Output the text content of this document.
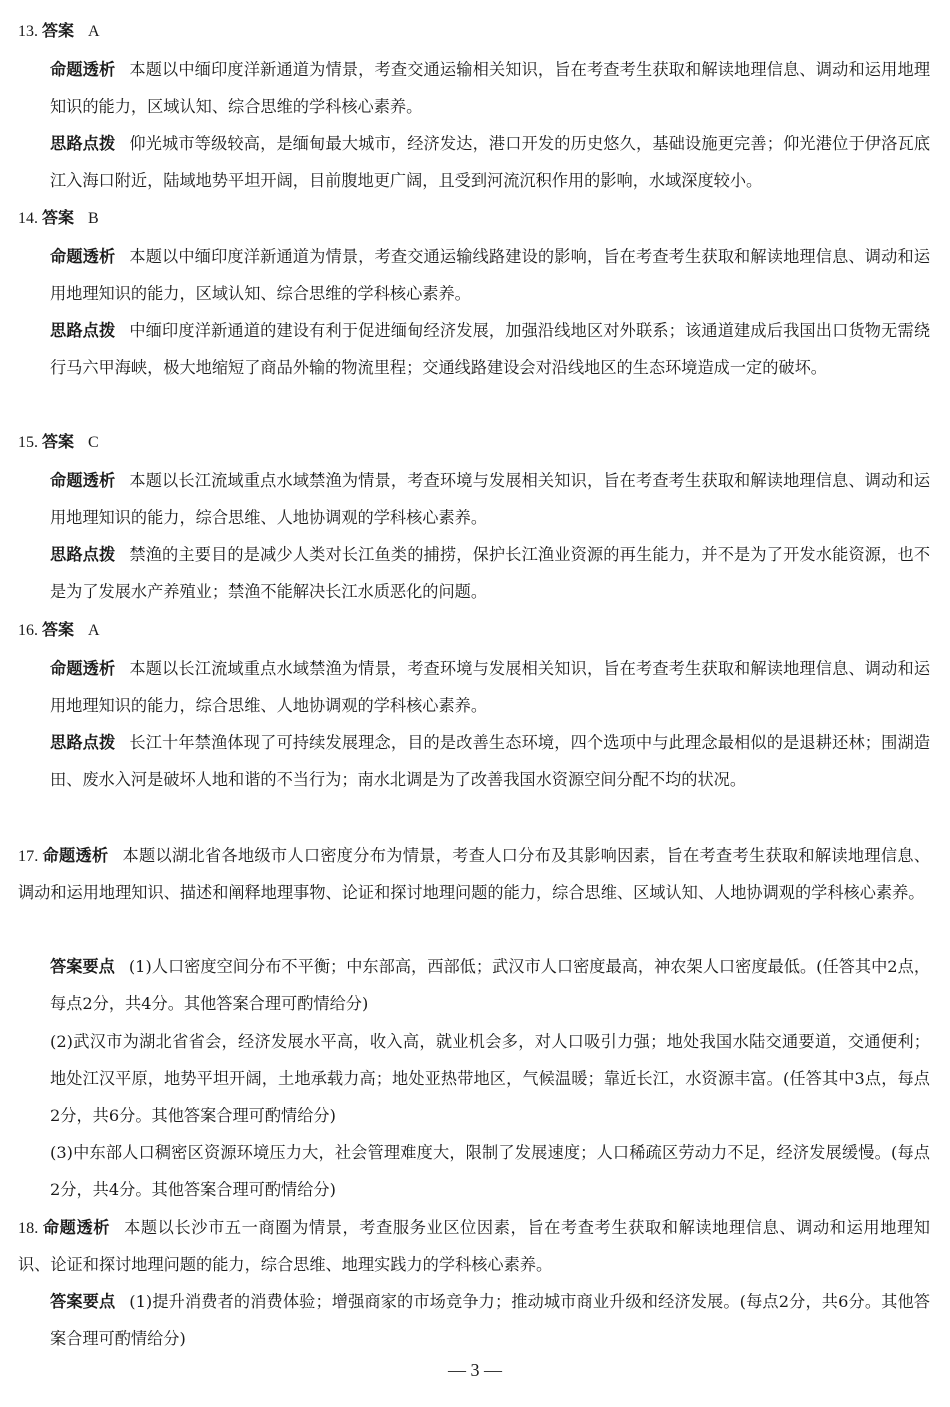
13. 答案 A
命题透析 本题以中缅印度洋新通道为情景，考查交通运输相关知识，旨在考查考生获取和解读地理信息、调动和运用地理知识的能力，区域认知、综合思维的学科核心素养。
思路点拨 仰光城市等级较高，是缅甸最大城市，经济发达，港口开发的历史悠久，基础设施更完善；仰光港位于伊洛瓦底江入海口附近，陆域地势平坦开阔，目前腹地更广阔，且受到河流沉积作用的影响，水域深度较小。
14. 答案 B
命题透析 本题以中缅印度洋新通道为情景，考查交通运输线路建设的影响，旨在考查考生获取和解读地理信息、调动和运用地理知识的能力，区域认知、综合思维的学科核心素养。
思路点拨 中缅印度洋新通道的建设有利于促进缅甸经济发展，加强沿线地区对外联系；该通道建成后我国出口货物无需绕行马六甲海峡，极大地缩短了商品外输的物流里程；交通线路建设会对沿线地区的生态环境造成一定的破坏。
15. 答案 C
命题透析 本题以长江流域重点水域禁渔为情景，考查环境与发展相关知识，旨在考查考生获取和解读地理信息、调动和运用地理知识的能力，综合思维、人地协调观的学科核心素养。
思路点拨 禁渔的主要目的是减少人类对长江鱼类的捕捞，保护长江渔业资源的再生能力，并不是为了开发水能资源，也不是为了发展水产养殖业；禁渔不能解决长江水质恶化的问题。
16. 答案 A
命题透析 本题以长江流域重点水域禁渔为情景，考查环境与发展相关知识，旨在考查考生获取和解读地理信息、调动和运用地理知识的能力，综合思维、人地协调观的学科核心素养。
思路点拨 长江十年禁渔体现了可持续发展理念，目的是改善生态环境，四个选项中与此理念最相似的是退耕还林；围湖造田、废水入河是破坏人地和谐的不当行为；南水北调是为了改善我国水资源空间分配不均的状况。
17. 命题透析 本题以湖北省各地级市人口密度分布为情景，考查人口分布及其影响因素，旨在考查考生获取和解读地理信息、调动和运用地理知识、描述和阐释地理事物、论证和探讨地理问题的能力，综合思维、区域认知、人地协调观的学科核心素养。
答案要点 (1)人口密度空间分布不平衡；中东部高，西部低；武汉市人口密度最高，神农架人口密度最低。(任答其中2点，每点2分，共4分。其他答案合理可酌情给分)
(2)武汉市为湖北省省会，经济发展水平高，收入高，就业机会多，对人口吸引力强；地处我国水陆交通要道，交通便利；地处江汉平原，地势平坦开阔，土地承载力高；地处亚热带地区，气候温暖；靠近长江，水资源丰富。(任答其中3点，每点2分，共6分。其他答案合理可酌情给分)
(3)中东部人口稠密区资源环境压力大，社会管理难度大，限制了发展速度；人口稀疏区劳动力不足，经济发展缓慢。(每点2分，共4分。其他答案合理可酌情给分)
18. 命题透析 本题以长沙市五一商圈为情景，考查服务业区位因素，旨在考查考生获取和解读地理信息、调动和运用地理知识、论证和探讨地理问题的能力，综合思维、地理实践力的学科核心素养。
答案要点 (1)提升消费者的消费体验；增强商家的市场竞争力；推动城市商业升级和经济发展。(每点2分，共6分。其他答案合理可酌情给分)
— 3 —
